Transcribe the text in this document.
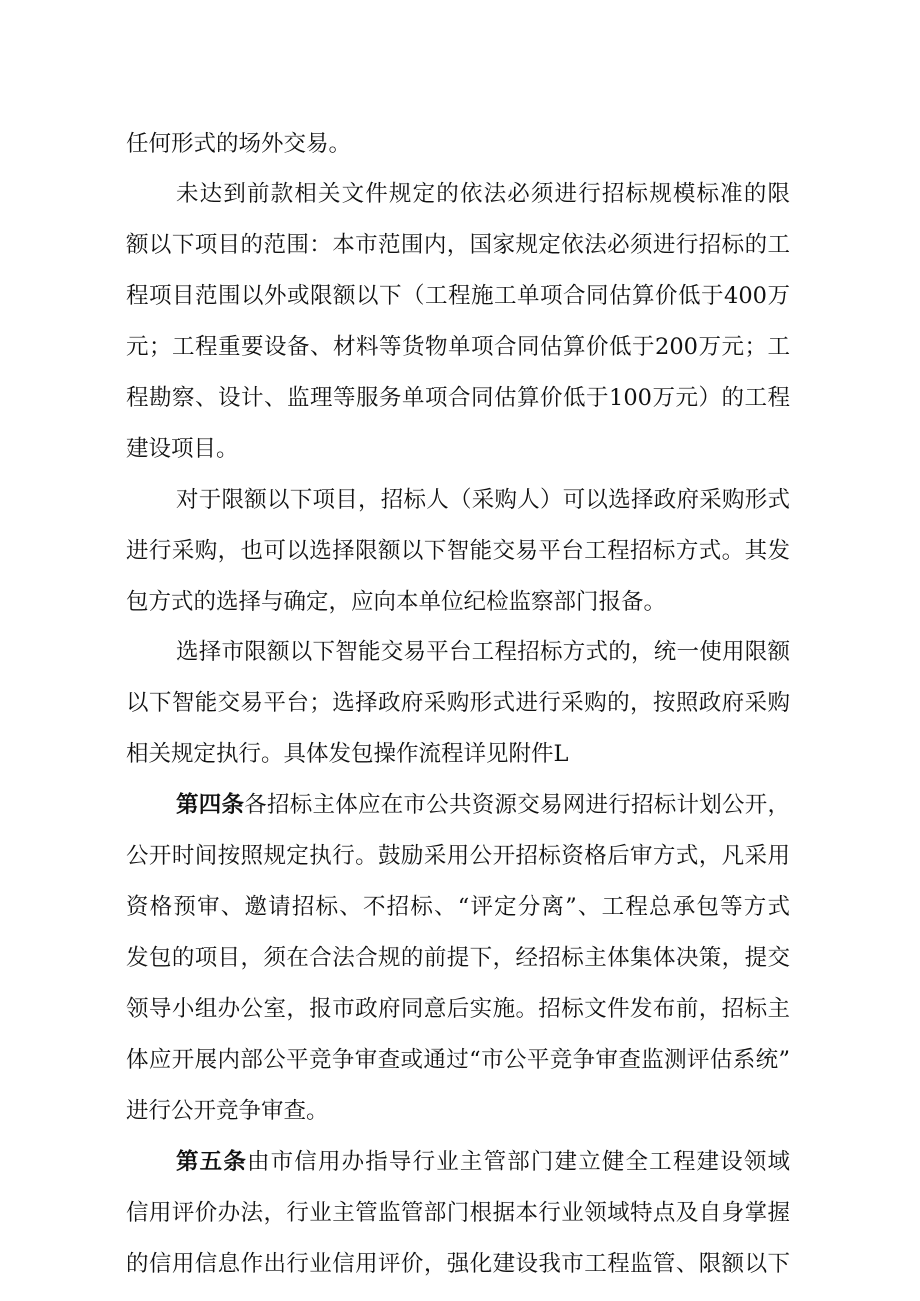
任何形式的场外交易。
未达到前款相关文件规定的依法必须进行招标规模标准的限
额以下项目的范围：本市范围内，国家规定依法必须进行招标的工
程项目范围以外或限额以下（工程施工单项合同估算价低于400万
元；工程重要设备、材料等货物单项合同估算价低于200万元；工
程勘察、设计、监理等服务单项合同估算价低于100万元）的工程
建设项目。
对于限额以下项目，招标人（采购人）可以选择政府采购形式
进行采购，也可以选择限额以下智能交易平台工程招标方式。其发
包方式的选择与确定，应向本单位纪检监察部门报备。
选择市限额以下智能交易平台工程招标方式的，统一使用限额
以下智能交易平台；选择政府采购形式进行采购的，按照政府采购
相关规定执行。具体发包操作流程详见附件L
第四条各招标主体应在市公共资源交易网进行招标计划公开，
公开时间按照规定执行。鼓励采用公开招标资格后审方式，凡采用
资格预审、邀请招标、不招标、“评定分离”、工程总承包等方式
发包的项目，须在合法合规的前提下，经招标主体集体决策，提交
领导小组办公室，报市政府同意后实施。招标文件发布前，招标主
体应开展内部公平竞争审查或通过“市公平竞争审查监测评估系统”
进行公开竞争审查。
第五条由市信用办指导行业主管部门建立健全工程建设领域
信用评价办法，行业主管监管部门根据本行业领域特点及自身掌握
的信用信息作出行业信用评价，强化建设我市工程监管、限额以下
